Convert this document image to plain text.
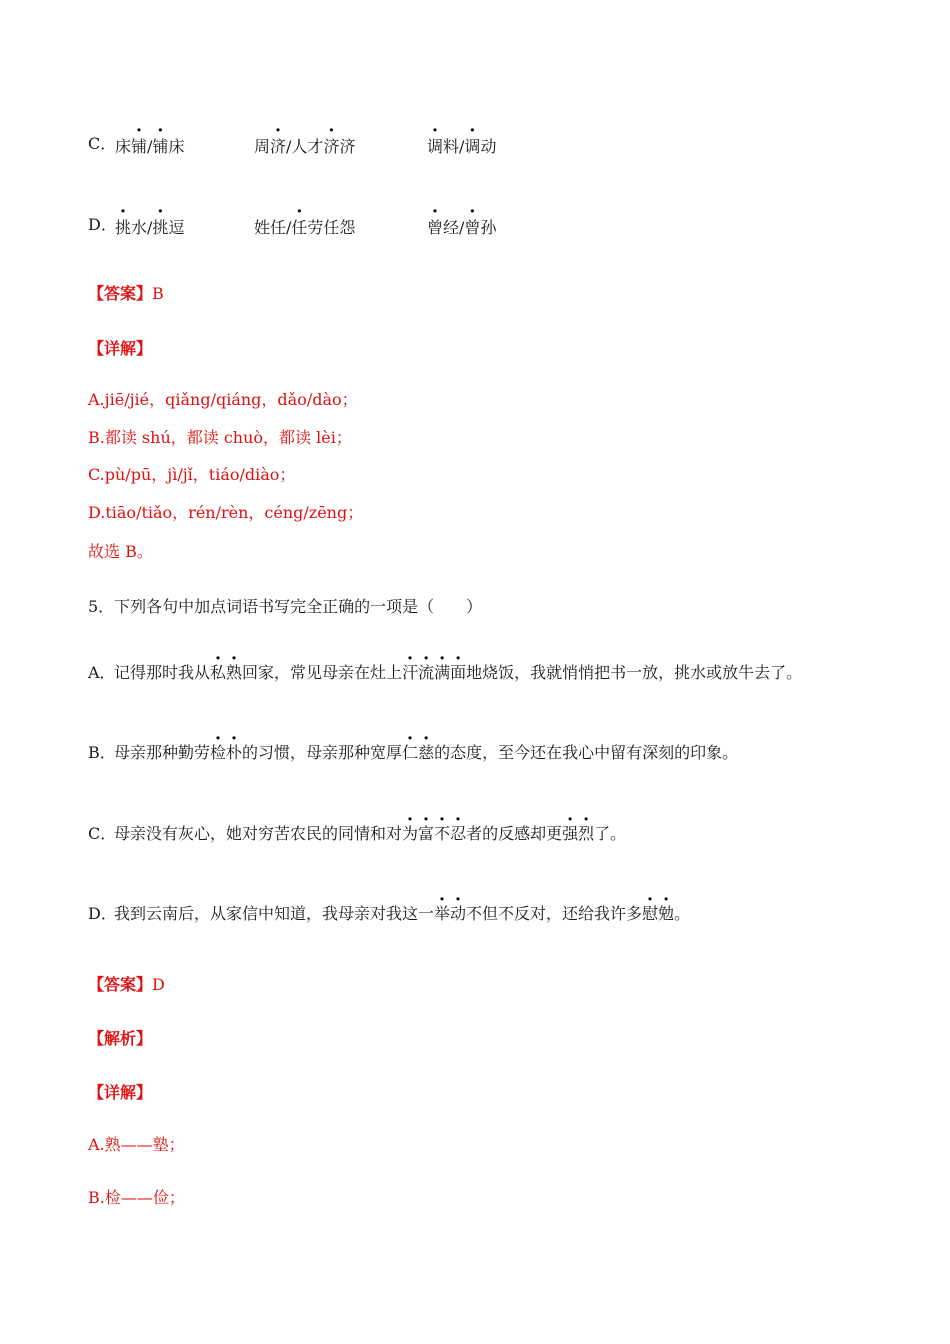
C．
床铺/铺床	周济/人才济济	调料/调动
D．
挑水/挑逗	姓任/任劳任怨	曾经/曾孙
【答案】B
【详解】
A.jiē/jié，qiǎng/qiáng，dǎo/dào；
B.都读 shú，都读 chuò，都读 lèi；
C.pù/pū，jì/jǐ，tiáo/diào；
D.tiāo/tiǎo，rén/rèn，céng/zēng；
故选 B。
5．下列各句中加点词语书写完全正确的一项是（　　）
A．记得那时我从私熟回家，常见母亲在灶上汗流满面地烧饭，我就悄悄把书一放，挑水或放牛去了。
B．母亲那种勤劳检朴的习惯，母亲那种宽厚仁慈的态度，至今还在我心中留有深刻的印象。
C．母亲没有灰心，她对穷苦农民的同情和对为富不忍者的反感却更强烈了。
D．我到云南后，从家信中知道，我母亲对我这一举动不但不反对，还给我许多慰勉。
【答案】D
【解析】
【详解】
A.熟——塾；
B.检——俭；
